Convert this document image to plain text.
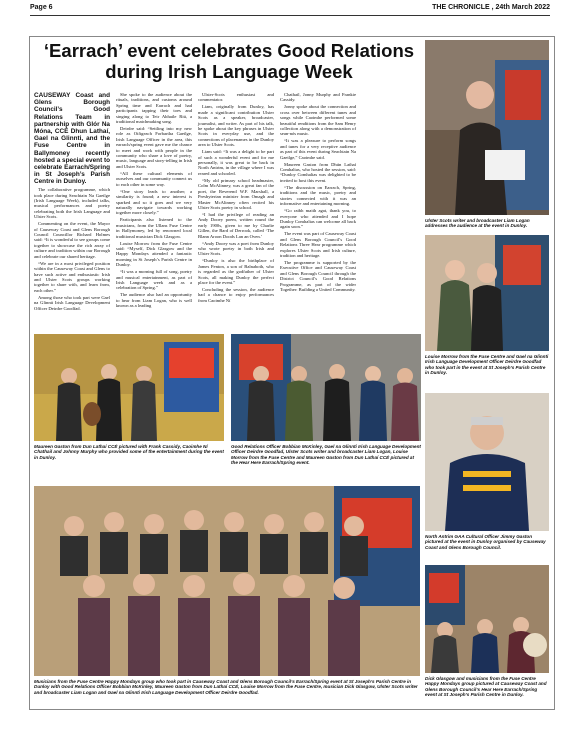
Page 6	THE CHRONICLE , 24th March 2022
‘Earrach’ event celebrates Good Relations during Irish Language Week

CAUSEWAY Coast and Glens Borough Council’s Good Relations Team in partnership with Glór Na Móna, CCÉ Dhun Lathaí, Gael na Glinnti, and the Fuse Centre in Ballymoney recently hosted a special event to celebrate Earrach/Spring in St Joseph’s Parish Centre in Dunloy.

The collaborative programme, which took place during Seachtain Na Gaeilge (Irish Language Week), included talks, musical performances and poetry celebrating both the Irish Language and Ulster Scots.

Commenting on the event, the Mayor of Causeway Coast and Glens Borough Council Councillor Richard Holmes said: “It is wonderful to see groups come together to showcase the rich array of culture and tradition within our Borough and celebrate our shared heritage.

“We are in a most privileged position within the Causeway Coast and Glens to have such active and enthusiastic Irish and Ulster Scots groups working together to share with, and learn from, each other.”

Among those who took part were Gael na Glinnti Irish Language Development Officer Deirdre Goodfad.

She spoke to the audience about the rituals, traditions, and customs around Spring time and Earrach and had participants tapping their toes and singing along to Teir Abhaile Riú, a traditional matchmaking song.

Deirdre said: “Settling into my new role as Oifigeach Forbartha Gaeilge, Irish Language Officer in the area, this earrach/spring event gave me the chance to meet and work with people in the community who share a love of poetry, music, language and story-telling in Irish and Ulster Scots.

“All these cultural elements of ourselves and our community connect us to each other in some way.

“One story leads to another; a similarity is found; a new interest is sparked and so it goes and we very naturally navigate towards working together more closely.”

Participants also listened to the musicians, from the Ullans Fuse Centre in Ballymoney, led by renowned local traditional musician Dick Glasgow.

Louise Morrow from the Fuse Centre said: “Myself, Dick Glasgow and the Happy Mondays attended a fantastic morning in St Joseph’s Parish Centre in Dunloy.

“It was a morning full of song, poetry and musical entertainment, as part of Irish Language week and as a celebration of Spring.”

The audience also had an opportunity to hear from Liam Logan, who is well known as a leading

Ulster-Scots enthusiast and commentator.

Liam, originally from Dunloy, has made a significant contribution Ulster Scots as a speaker, broadcaster, journalist, and writer. As part of his talk, he spoke about the key phrases in Ulster Scots in everyday use, and the connections of placenames in the Dunloy area to Ulster Scots.

Liam said: “It was a delight to be part of such a wonderful event and for me personally, it was great to be back in North Antrim, in the village where I was reared and schooled.

“My old primary school headmaster, Colm McAlinney, was a great fan of the poet, the Reverend W.F. Marshall, a Presbyterian minister from Omagh and Master McAlinney often recited his Ulster Scots poetry in school.

“I had the privilege of reading an Andy Dooey poem, written round the early 1900s, given to me by Charlie Gillen, the Bard of Derrook, called ‘The Blann Aroon Doods Lan an Oven.’

“Andy Dooey was a poet from Dunloy who wrote poetry in both Irish and Ulster Scots.

“Dunloy is also the birthplace of James Fenton, a son of Balnaboth, who is regarded as the godfather of Ulster Scots, all making Dunloy the perfect place for the event.”

Concluding the session, the audience had a chance to enjoy performances from Caoimhe Ní

Chathail, Jonny Murphy and Frankie Cassidy.

Jonny spoke about the connection and cross over between different tunes and songs while Caoimhe performed some beautiful renditions from the Sam Henry collection along with a demonstration of sean-nós music.

“It was a pleasure to perform songs and tunes for a very receptive audience as part of this event during Seachtain Na Gaeilge,” Caoimhe said.

Maureen Gaston from Dhún Lathaí Comhaltas, who hosted the session, said: “Dunloy Comhaltas was delighted to be invited to host this event.

“The discussion on Earrach, Spring, traditions and the music, poetry and stories connected with it was an informative and entertaining morning.

“Go raibh maith agat, thank you, to everyone who attended and I hope Dunloy Comhaltas can welcome all back again soon.”

The event was part of Causeway Coast and Glens Borough Council’s Good Relations Three Hear programme which explores Ulster Scots and Irish culture, tradition and heritage.

The programme is supported by the Executive Office and Causeway Coast and Glens Borough Council through the District Council’s Good Relations Programme, as part of the wider Together: Building a United Community.

Ulster Scots writer and broadcaster Liam Logan addresses the audience at the event in Dunloy.
Louise Morrow from the Fuse Centre and Gael na Glinnti Irish Language Development Officer Deirdre Goodfad who took part in the event at St Joseph’s Parish Centre in Dunloy.
North Antrim GAA Cultural Officer Jimmy Gaston pictured at the event in Dunloy organised by Causeway Coast and Glens Borough Council.
Dick Glasgow and musicians from the Fuse Centre Happy Mondays group pictured at Causeway Coast and Glens Borough Council’s Hear Here Earrach/Spring event at St Joseph’s Parish Centre in Dunloy.
Maureen Gaston from Dun Lathaí CCÉ pictured with Frank Cassidy, Caoimhe Ní Chathail and Johnny Murphy who provided some of the entertainment during the event in Dunloy.
Good Relations Officer Bobbian McKinley, Gael na Glinnti Irish Language Development Officer Deirdre Goodfad, Ulster Scots writer and broadcaster Liam Logan, Louise Morrow from the Fuse Centre and Maureen Gaston from Dun Lathaí CCÉ pictured at the Hear Here Earrach/Spring event.
Musicians from the Fuse Centre Happy Mondays group who took part in Causeway Coast and Glens Borough Council’s Earrach/Spring event at St Joseph’s Parish Centre in Dunloy with Good Relations Officer Bobbian McKinley, Maureen Gaston from Dun Lathaí CCÉ, Louise Morrow from the Fuse Centre, musician Dick Glasgow, Ulster Scots writer and broadcaster Liam Logan and Gael na Glinnti Irish Language Development Officer Deirdre Goodfad.
